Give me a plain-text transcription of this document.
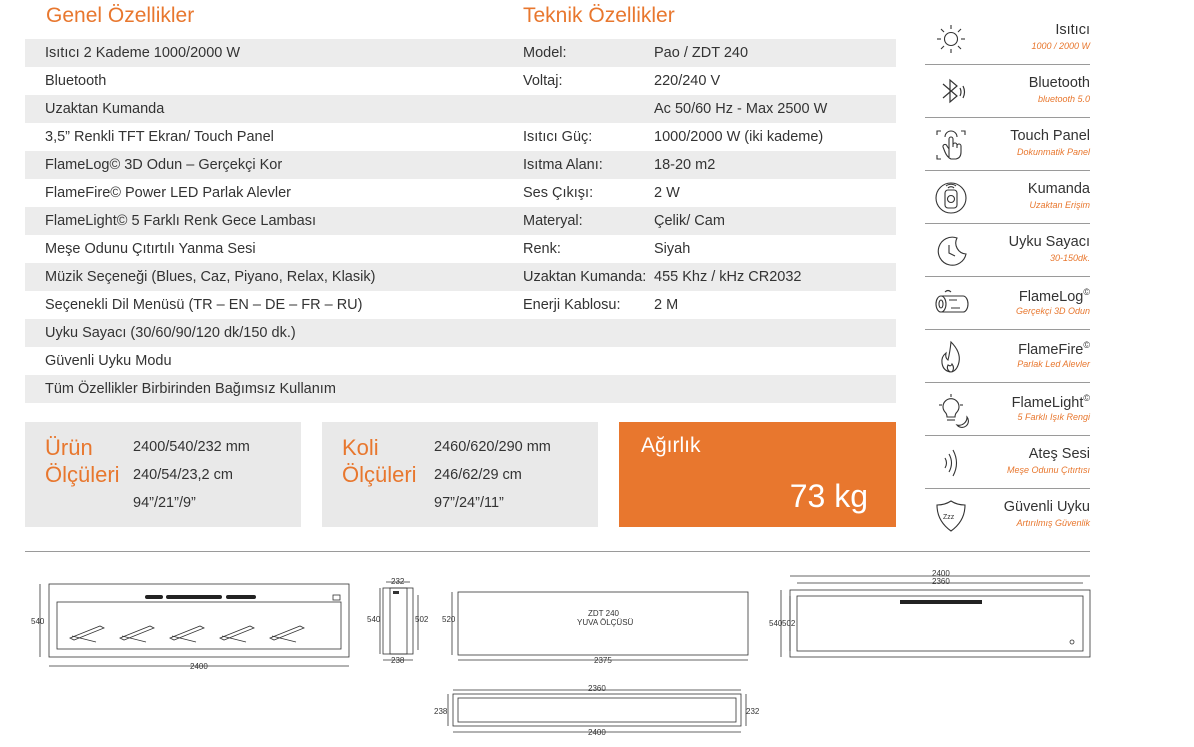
Genel Özellikler	Teknik Özellikler
Isıtıcı 2 Kademe 1000/2000 W
Bluetooth
Uzaktan Kumanda
3,5” Renkli TFT Ekran/ Touch Panel
FlameLog© 3D Odun – Gerçekçi Kor
FlameFire© Power LED Parlak Alevler
FlameLight© 5 Farklı Renk Gece Lambası
Meşe Odunu Çıtırtılı Yanma Sesi
Müzik Seçeneği (Blues, Caz, Piyano, Relax, Klasik)
Seçenekli Dil Menüsü (TR – EN – DE – FR – RU)
Uyku Sayacı (30/60/90/120 dk/150 dk.)
Güvenli Uyku Modu
Tüm Özellikler Birbirinden Bağımsız Kullanım
Model:	Pao / ZDT 240
Voltaj:	220/240 V
Ac 50/60 Hz - Max 2500 W
Isıtıcı Güç:	1000/2000 W (iki kademe)
Isıtma Alanı:	18-20 m2
Ses Çıkışı:	2 W
Materyal:	Çelik/ Cam
Renk:	Siyah
Uzaktan Kumanda: 455 Khz / kHz CR2032
Enerji Kablosu:	2 M
Ürün
Ölçüleri
2400/540/232 mm
240/54/23,2 cm
94”/21”/9”
Koli
Ölçüleri
2460/620/290 mm
246/62/29 cm
97”/24”/11”
Ağırlık
73 kg
Isıtıcı
1000 / 2000 W
Bluetooth
bluetooth 5.0
Touch Panel
Dokunmatik Panel
Kumanda
Uzaktan Erişim
Uyku Sayacı
30-150dk.
FlameLog©
Gerçekçi 3D Odun
FlameFire©
Parlak Led Alevler
FlameLight©
5 Farklı Işık Rengi
Ateş Sesi
Meşe Odunu Çıtırtısı
Zzz
Güvenli Uyku
Artırılmış Güvenlik
540
2400
232
540	502
238
520
2375
ZDT 240
YUVA ÖLÇÜSÜ
2400
2360
540 502
2360
2400
238	232
